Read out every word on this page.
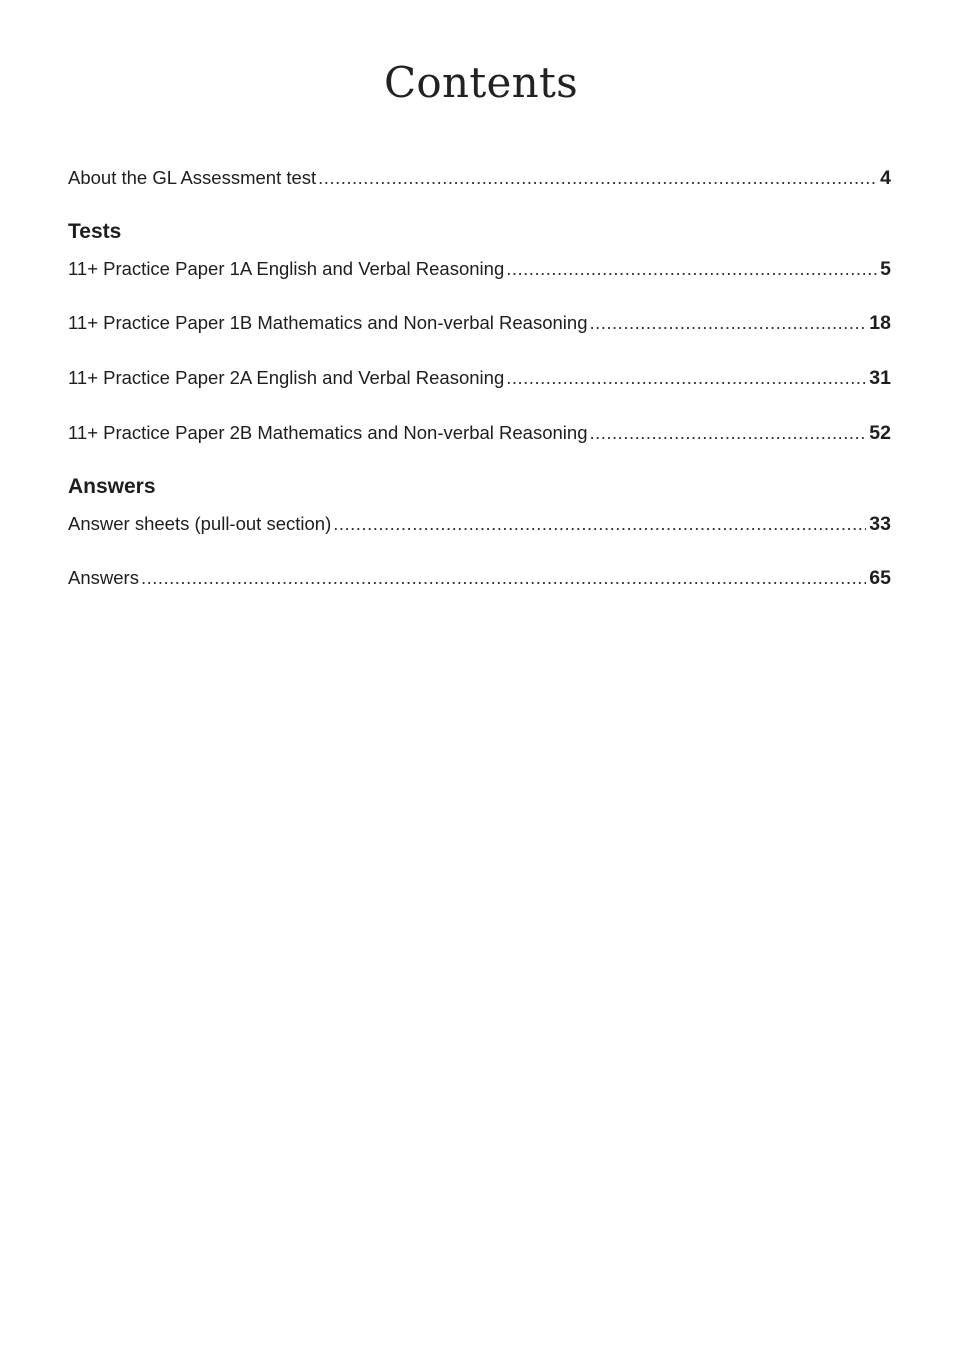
Contents
About the GL Assessment test .....	4
Tests
11+ Practice Paper 1A English and Verbal Reasoning .....	5
11+ Practice Paper 1B Mathematics and Non-verbal Reasoning .....	18
11+ Practice Paper 2A English and Verbal Reasoning .....	31
11+ Practice Paper 2B Mathematics and Non-verbal Reasoning .....	52
Answers
Answer sheets (pull-out section) .....	33
Answers .....	65
